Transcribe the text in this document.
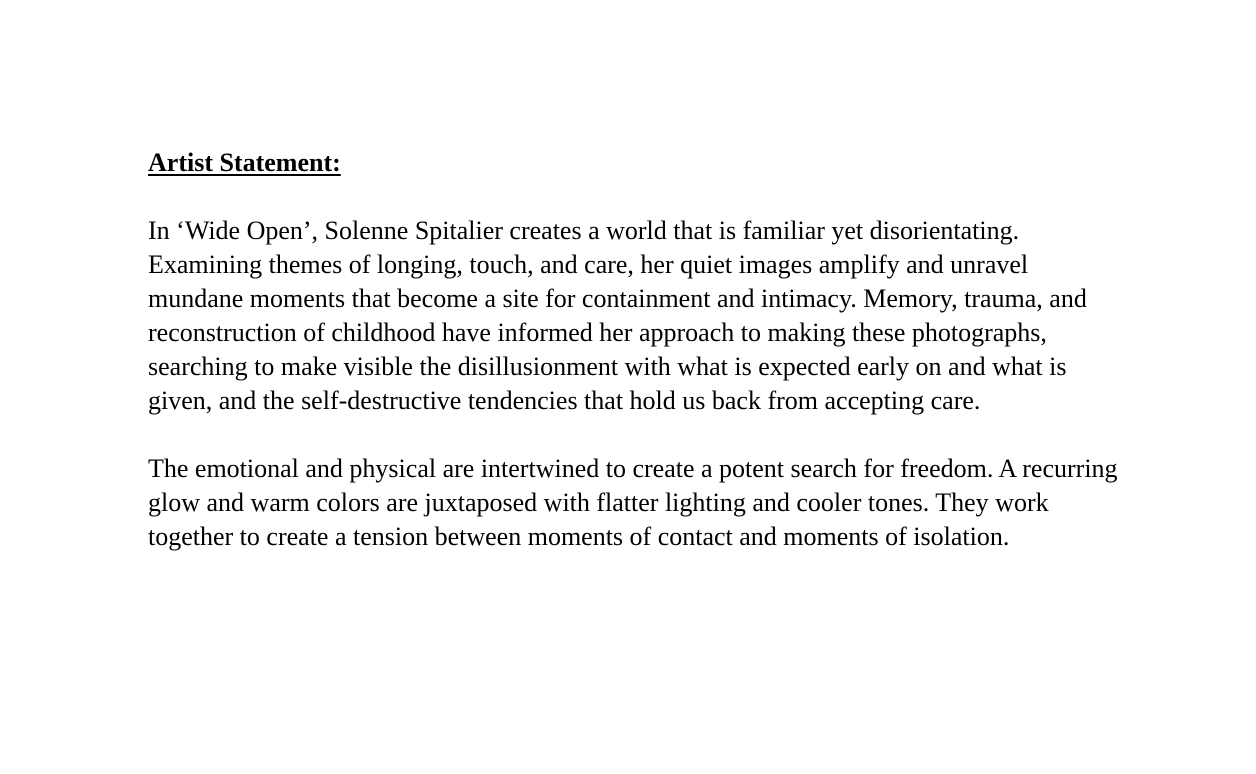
Artist Statement:

In ‘Wide Open’, Solenne Spitalier creates a world that is familiar yet disorientating.
Examining themes of longing, touch, and care, her quiet images amplify and unravel
mundane moments that become a site for containment and intimacy. Memory, trauma, and
reconstruction of childhood have informed her approach to making these photographs,
searching to make visible the disillusionment with what is expected early on and what is
given, and the self-destructive tendencies that hold us back from accepting care.

The emotional and physical are intertwined to create a potent search for freedom. A recurring
glow and warm colors are juxtaposed with flatter lighting and cooler tones. They work
together to create a tension between moments of contact and moments of isolation.
